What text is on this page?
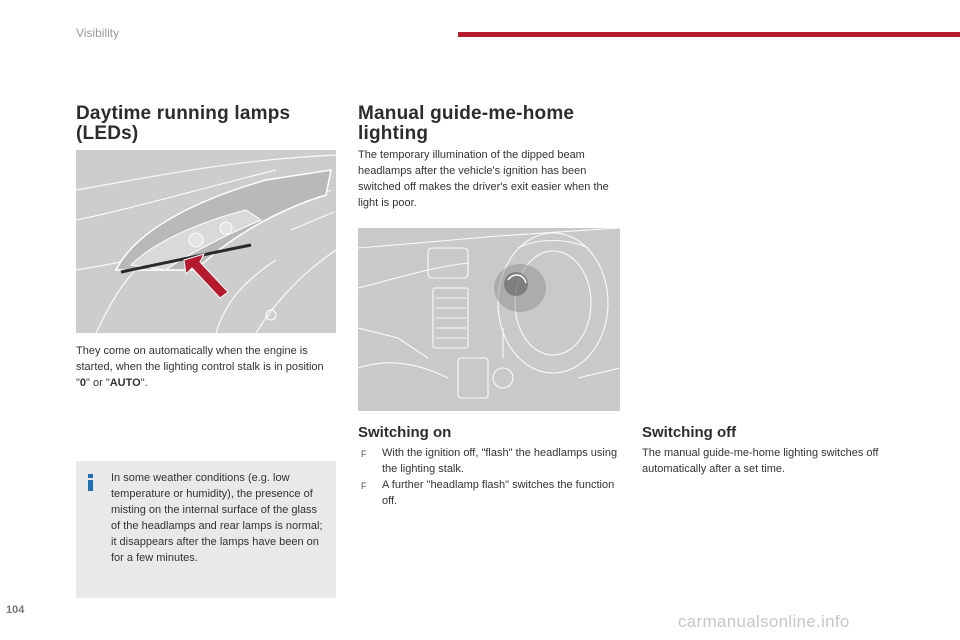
Visibility
Daytime running lamps
(LEDs)

They come on automatically when the engine is started, when the lighting control stalk is in position "0" or "AUTO".

In some weather conditions (e.g. low temperature or humidity), the presence of misting on the internal surface of the glass of the headlamps and rear lamps is normal; it disappears after the lamps have been on for a few minutes.

Manual guide-me-home
lighting

The temporary illumination of the dipped beam headlamps after the vehicle's ignition has been switched off makes the driver's exit easier when the light is poor.

Switching on
F With the ignition off, "flash" the headlamps using the lighting stalk.
F A further "headlamp flash" switches the function off.
Switching off

The manual guide-me-home lighting switches off automatically after a set time.

104
carmanualsonline.info
